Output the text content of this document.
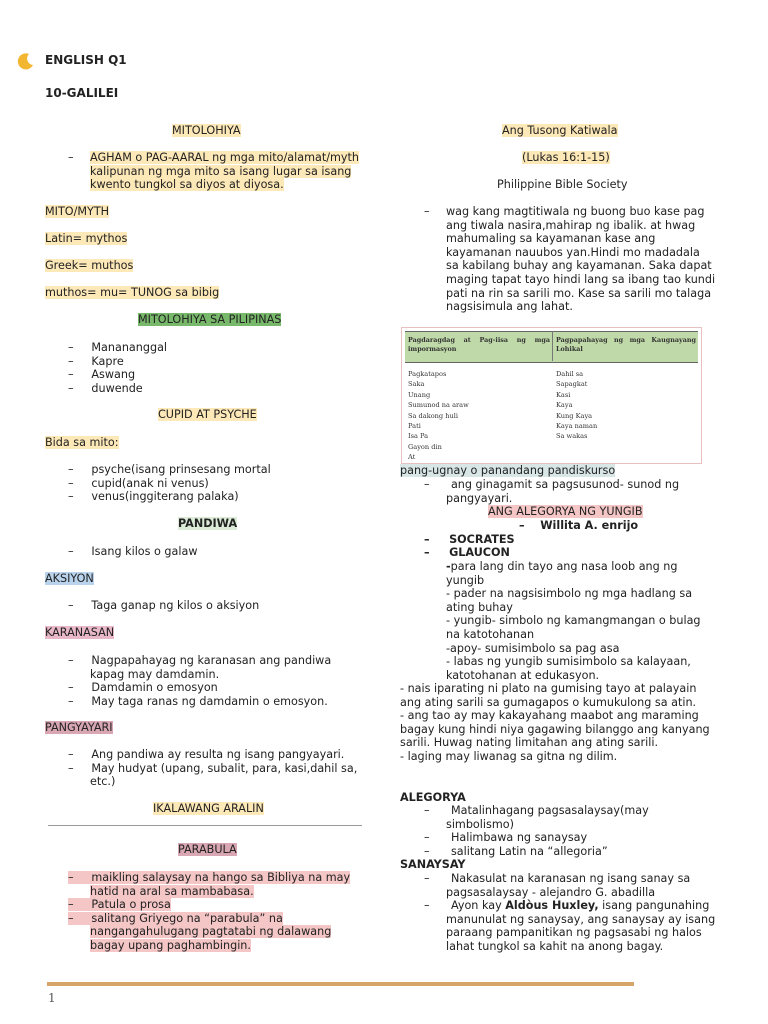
ENGLISH Q1
10-GALILEI
MITOLOHIYA
– AGHAM o PAG-AARAL ng mga mito/alamat/myth
kalipunan ng mga mito sa isang lugar sa isang
kwento tungkol sa diyos at diyosa.
MITO/MYTH
Latin= mythos
Greek= muthos
muthos= mu= TUNOG sa bibig
MITOLOHIYA SA PILIPINAS
–     Manananggal
–     Kapre
–     Aswang
–     duwende
CUPID AT PSYCHE
Bida sa mito:
–     psyche(isang prinsesang mortal
–     cupid(anak ni venus)
–     venus(inggiterang palaka)
PANDIWA
–     Isang kilos o galaw
AKSIYON
–     Taga ganap ng kilos o aksiyon
KARANASAN
–     Nagpapahayag ng karanasan ang pandiwa
kapag may damdamin.
–     Damdamin o emosyon
–     May taga ranas ng damdamin o emosyon.
PANGYAYARI
–     Ang pandiwa ay resulta ng isang pangyayari.
–     May hudyat (upang, subalit, para, kasi,dahil sa,
etc.)
IKALAWANG ARALIN
PARABULA
–     maikling salaysay na hango sa Bibliya na may
hatid na aral sa mambabasa.
–     Patula o prosa
–     salitang Griyego na “parabula” na
nangangahulugang pagtatabi ng dalawang
bagay upang paghambingin.
Ang Tusong Katiwala
(Lukas 16:1-15)
Philippine Bible Society
– wag kang magtitiwala ng buong buo kase pag
ang tiwala nasira,mahirap ng ibalik. at hwag
mahumaling sa kayamanan kase ang
kayamanan nauubos yan.Hindi mo madadala
sa kabilang buhay ang kayamanan. Saka dapat
maging tapat tayo hindi lang sa ibang tao kundi
pati na rin sa sarili mo. Kase sa sarili mo talaga
nagsisimula ang lahat.
Pagdaragdag at Pag-iisa ng mga
impormasyon
Pagpapahayag ng mga Kaugnayang
Lohikal
Pagkatapos
Saka
Unang
Sumunod na araw
Sa dakong huli
Pati
Isa Pa
Gayon din
At
Dahil sa
Sapagkat
Kasi
Kaya
Kung Kaya
Kaya naman
Sa wakas
pang-ugnay o panandang pandiskurso
–      ang ginagamit sa pagsusunod- sunod ng
pangyayari.
ANG ALEGORYA NG YUNGIB
–    Willita A. enrijo
–     SOCRATES
–     GLAUCON
-para lang din tayo ang nasa loob ang ng
yungib
- pader na nagsisimbolo ng mga hadlang sa
ating buhay
- yungib- simbolo ng kamangmangan o bulag
na katotohanan
-apoy- sumisimbolo sa pag asa
- labas ng yungib sumisimbolo sa kalayaan,
katotohanan at edukasyon.
- nais iparating ni plato na gumising tayo at palayain
ang ating sarili sa gumagapos o kumukulong sa atin.
- ang tao ay may kakayahang maabot ang maraming
bagay kung hindi niya gagawing bilanggo ang kanyang
sarili. Huwag nating limitahan ang ating sarili.
- laging may liwanag sa gitna ng dilim.
ALEGORYA
–      Matalinhagang pagsasalaysay(may
simbolismo)
–      Halimbawa ng sanaysay
–      salitang Latin na “allegoria”
SANAYSAY
–      Nakasulat na karanasan ng isang sanay sa
pagsasalaysay - alejandro G. abadilla
–      Ayon kay Aldòus Huxley, isang pangunahing
manunulat ng sanaysay, ang sanaysay ay isang
paraang pampanitikan ng pagsasabi ng halos
lahat tungkol sa kahit na anong bagay.
1
